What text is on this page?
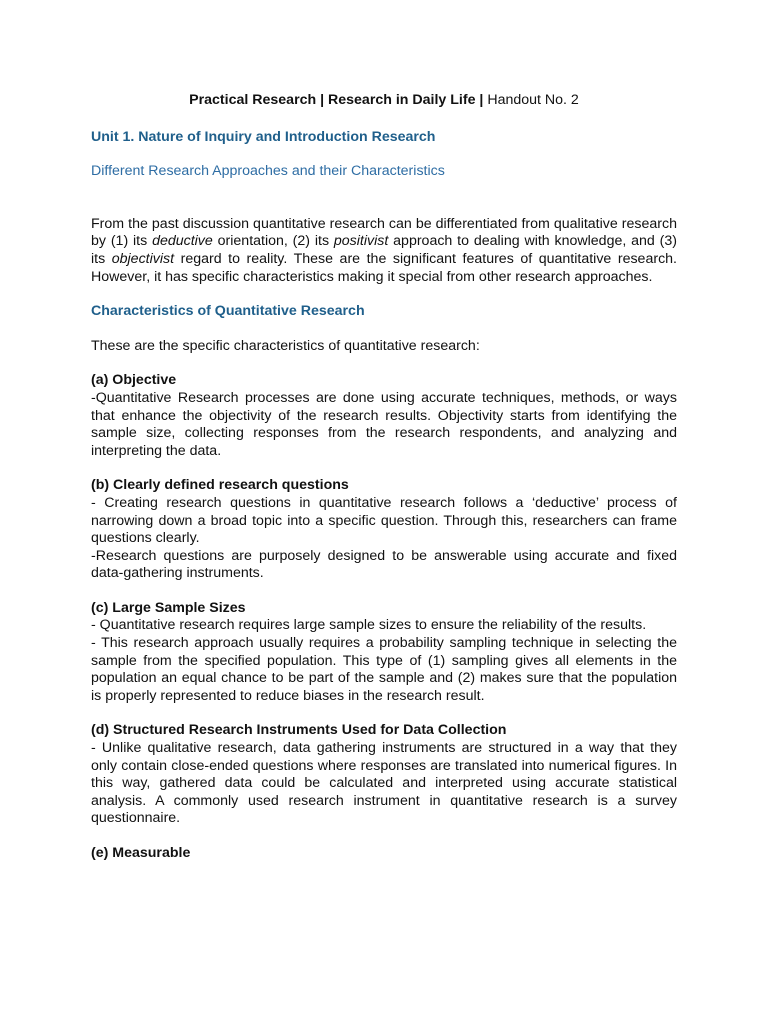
Practical Research | Research in Daily Life | Handout No. 2
Unit 1. Nature of Inquiry and Introduction Research
Different Research Approaches and their Characteristics

From the past discussion quantitative research can be differentiated from qualitative research by (1) its deductive orientation, (2) its positivist approach to dealing with knowledge, and (3) its objectivist regard to reality. These are the significant features of quantitative research. However, it has specific characteristics making it special from other research approaches.

Characteristics of Quantitative Research

These are the specific characteristics of quantitative research:

(a) Objective

-Quantitative Research processes are done using accurate techniques, methods, or ways that enhance the objectivity of the research results. Objectivity starts from identifying the sample size, collecting responses from the research respondents, and analyzing and interpreting the data.

(b) Clearly defined research questions

- Creating research questions in quantitative research follows a ‘deductive’ process of narrowing down a broad topic into a specific question. Through this, researchers can frame questions clearly.

-Research questions are purposely designed to be answerable using accurate and fixed data-gathering instruments.

(c) Large Sample Sizes

- Quantitative research requires large sample sizes to ensure the reliability of the results.

- This research approach usually requires a probability sampling technique in selecting the sample from the specified population. This type of (1) sampling gives all elements in the population an equal chance to be part of the sample and (2) makes sure that the population is properly represented to reduce biases in the research result.

(d) Structured Research Instruments Used for Data Collection

- Unlike qualitative research, data gathering instruments are structured in a way that they only contain close-ended questions where responses are translated into numerical figures. In this way, gathered data could be calculated and interpreted using accurate statistical analysis. A commonly used research instrument in quantitative research is a survey questionnaire.

(e) Measurable
